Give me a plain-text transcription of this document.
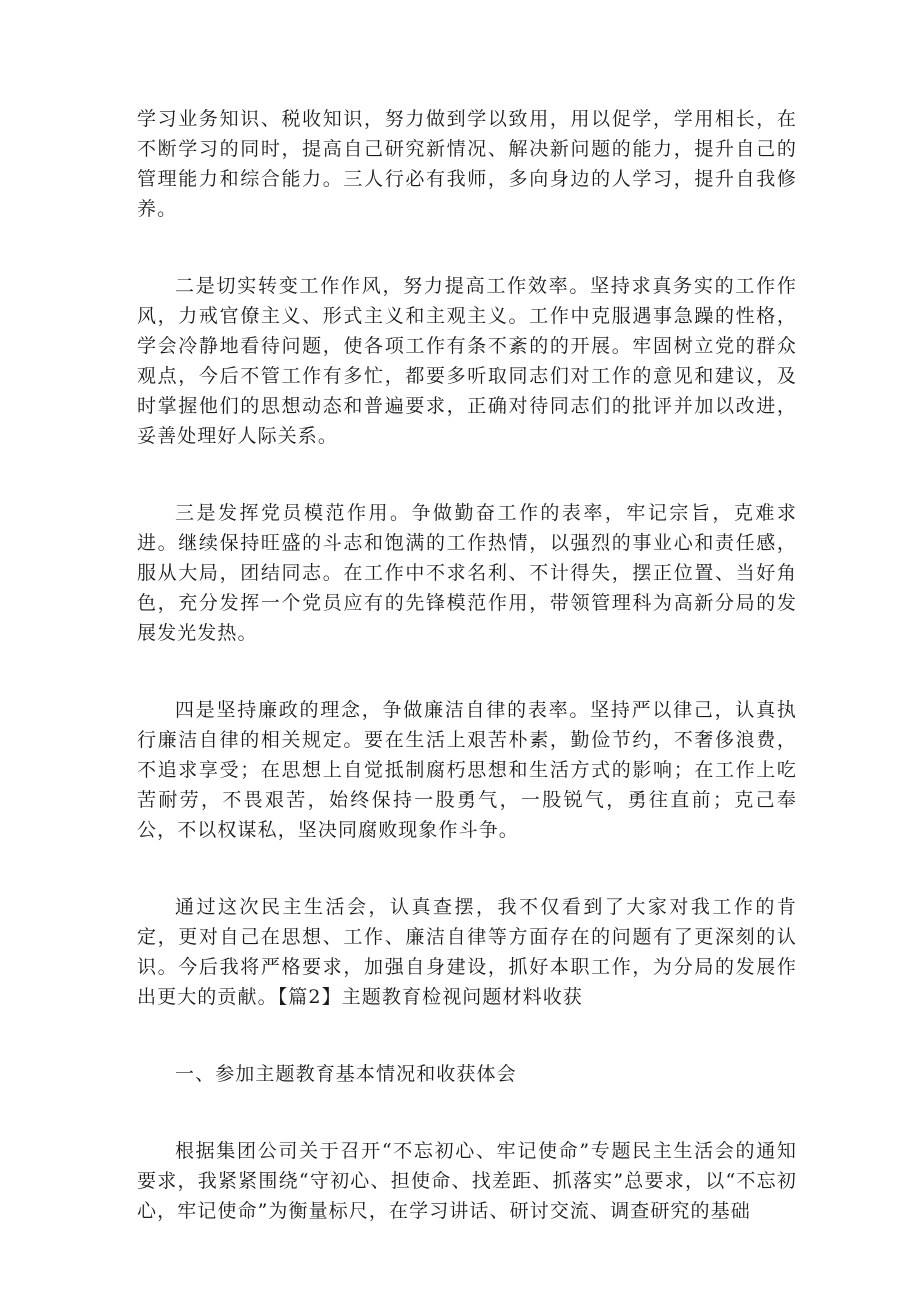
学习业务知识、税收知识，努力做到学以致用，用以促学，学用相长，在不断学习的同时，提高自己研究新情况、解决新问题的能力，提升自己的管理能力和综合能力。三人行必有我师，多向身边的人学习，提升自我修养。

二是切实转变工作作风，努力提高工作效率。坚持求真务实的工作作风，力戒官僚主义、形式主义和主观主义。工作中克服遇事急躁的性格，学会冷静地看待问题，使各项工作有条不紊的的开展。牢固树立党的群众观点，今后不管工作有多忙，都要多听取同志们对工作的意见和建议，及时掌握他们的思想动态和普遍要求，正确对待同志们的批评并加以改进，妥善处理好人际关系。

三是发挥党员模范作用。争做勤奋工作的表率，牢记宗旨，克难求进。继续保持旺盛的斗志和饱满的工作热情，以强烈的事业心和责任感，服从大局，团结同志。在工作中不求名利、不计得失，摆正位置、当好角色，充分发挥一个党员应有的先锋模范作用，带领管理科为高新分局的发展发光发热。

四是坚持廉政的理念，争做廉洁自律的表率。坚持严以律己，认真执行廉洁自律的相关规定。要在生活上艰苦朴素，勤俭节约，不奢侈浪费，不追求享受；在思想上自觉抵制腐朽思想和生活方式的影响；在工作上吃苦耐劳，不畏艰苦，始终保持一股勇气，一股锐气，勇往直前；克己奉公，不以权谋私，坚决同腐败现象作斗争。

通过这次民主生活会，认真查摆，我不仅看到了大家对我工作的肯定，更对自己在思想、工作、廉洁自律等方面存在的问题有了更深刻的认识。今后我将严格要求，加强自身建设，抓好本职工作，为分局的发展作出更大的贡献。【篇2】主题教育检视问题材料收获

一、参加主题教育基本情况和收获体会

根据集团公司关于召开“不忘初心、牢记使命”专题民主生活会的通知要求，我紧紧围绕“守初心、担使命、找差距、抓落实”总要求，以“不忘初心，牢记使命”为衡量标尺，在学习讲话、研讨交流、调查研究的基础
